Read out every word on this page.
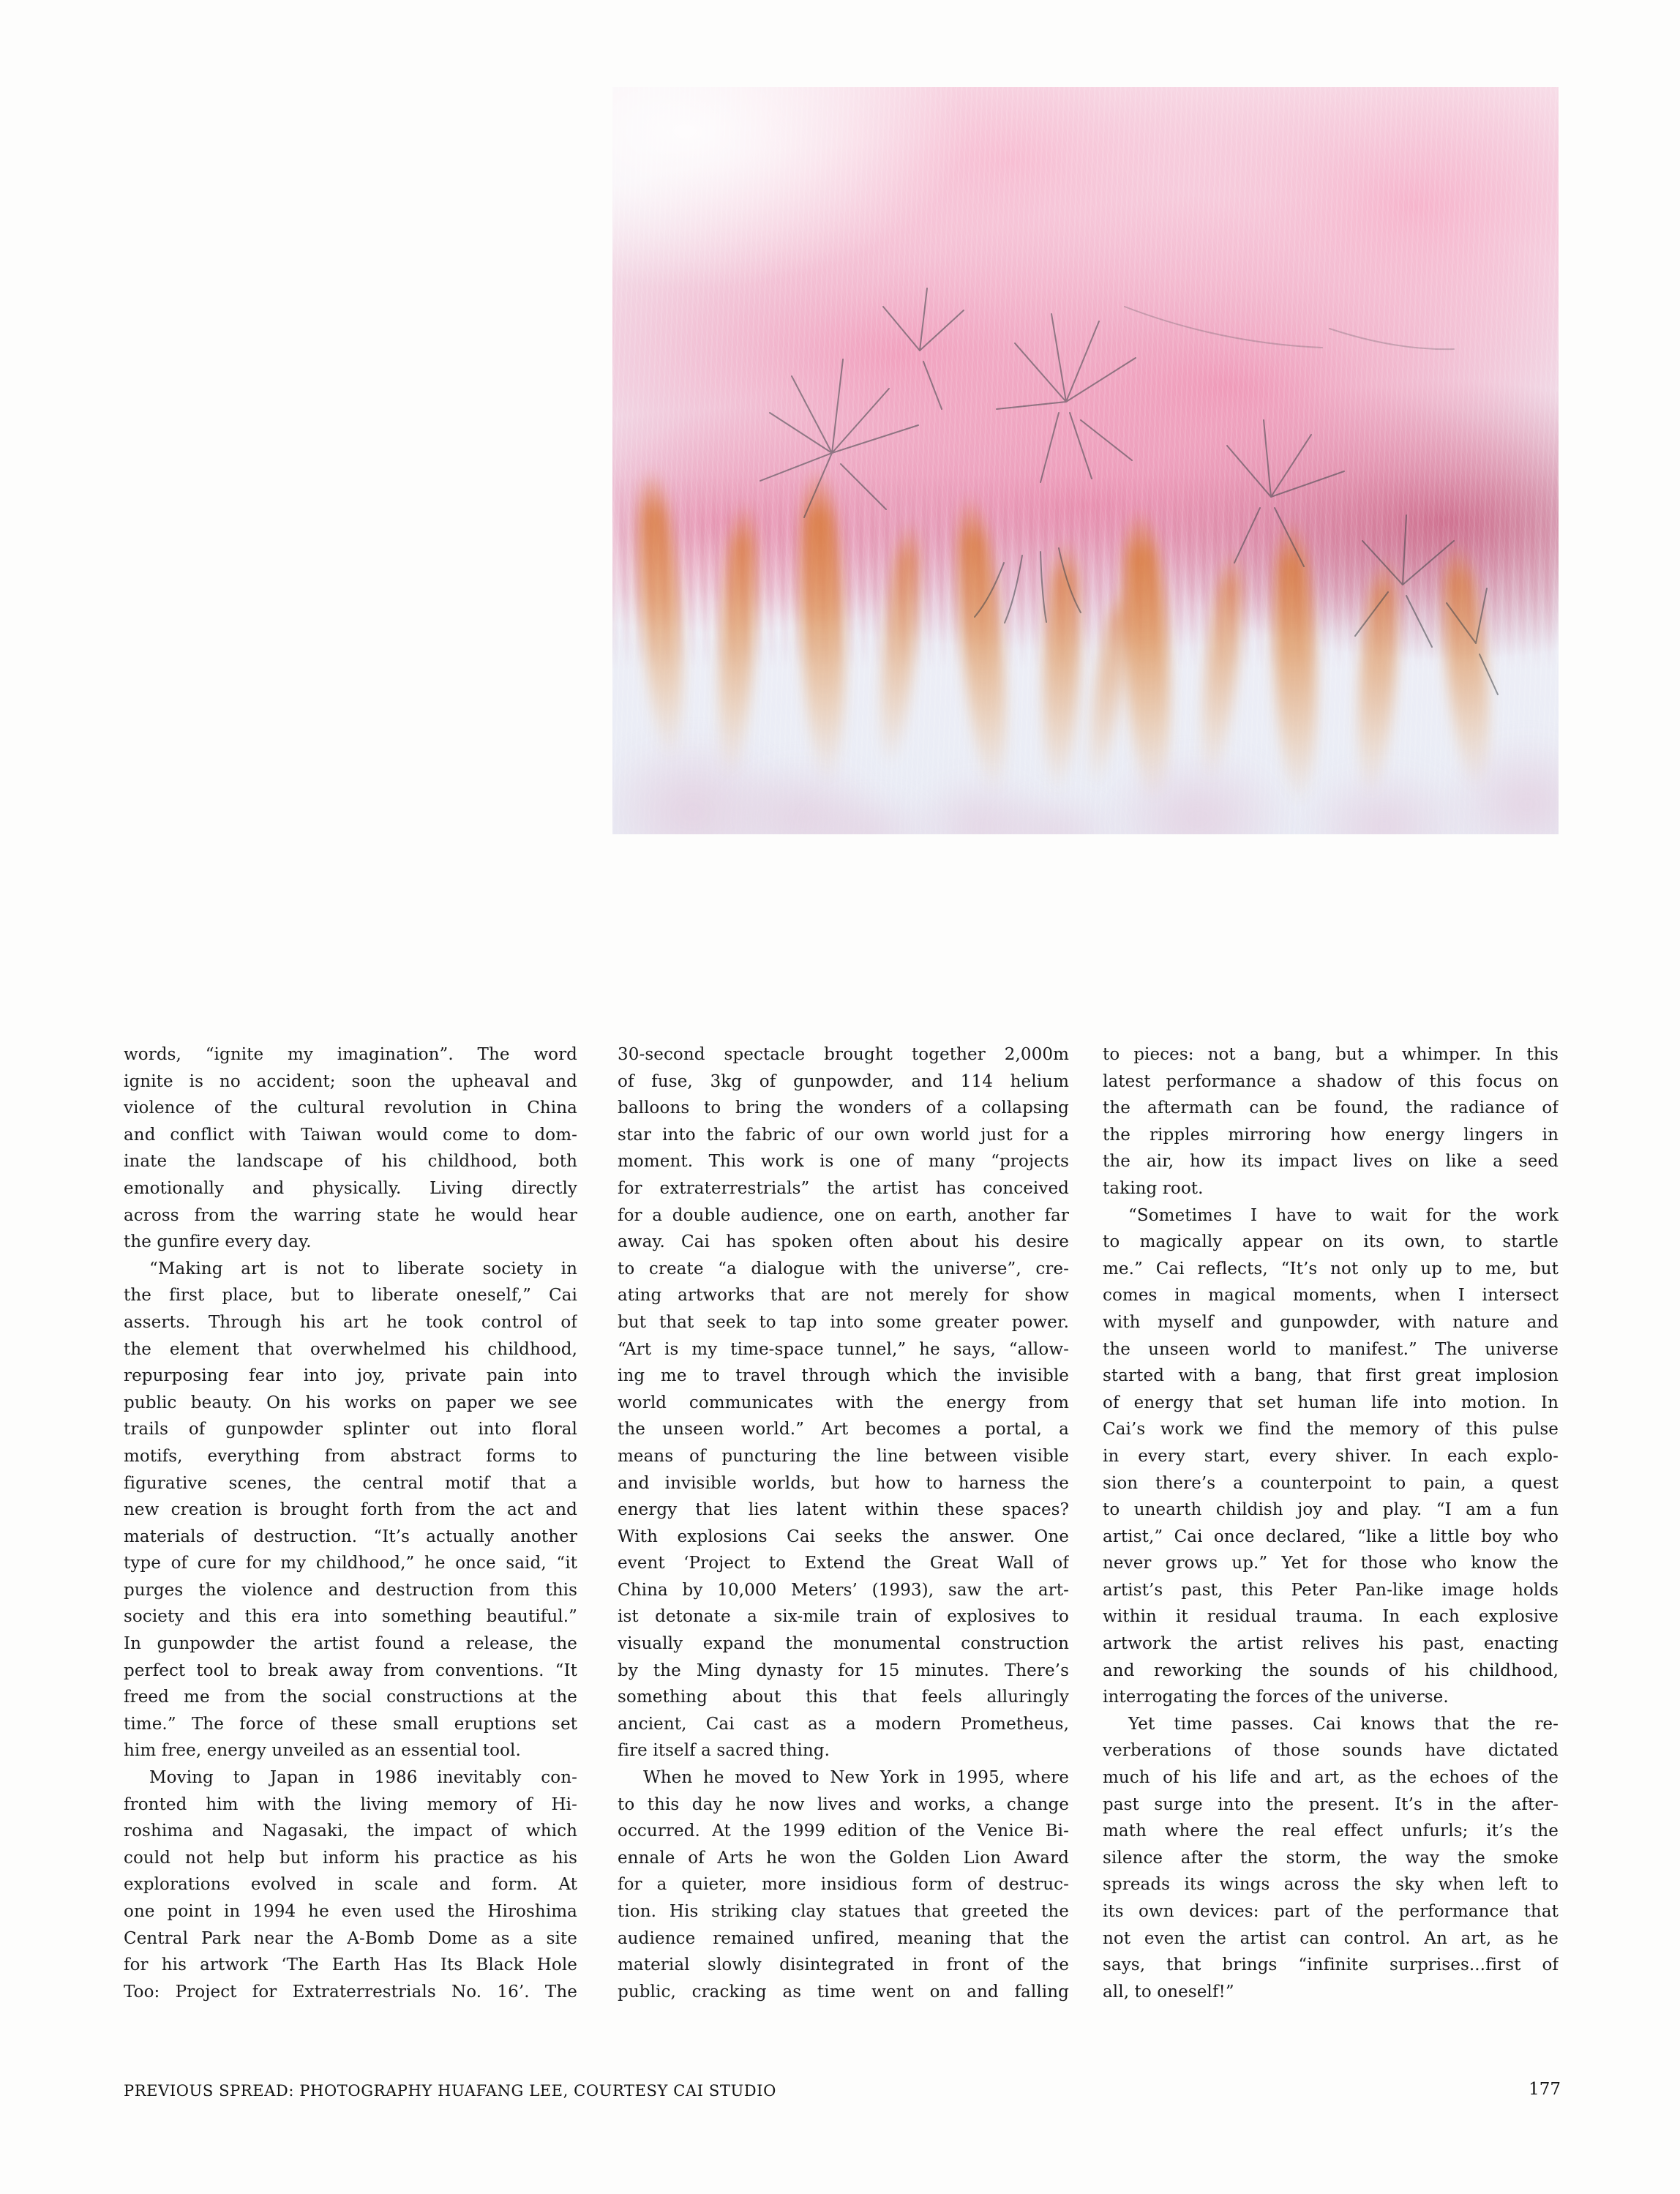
words, “ignite my imagination”. The word
ignite is no accident; soon the upheaval and
violence of the cultural revolution in China
and conflict with Taiwan would come to dom-
inate the landscape of his childhood, both
emotionally and physically. Living directly
across from the warring state he would hear
the gunfire every day.
“Making art is not to liberate society in
the first place, but to liberate oneself,” Cai
asserts. Through his art he took control of
the element that overwhelmed his childhood,
repurposing fear into joy, private pain into
public beauty. On his works on paper we see
trails of gunpowder splinter out into floral
motifs, everything from abstract forms to
figurative scenes, the central motif that a
new creation is brought forth from the act and
materials of destruction. “It’s actually another
type of cure for my childhood,” he once said, “it
purges the violence and destruction from this
society and this era into something beautiful.”
In gunpowder the artist found a release, the
perfect tool to break away from conventions. “It
freed me from the social constructions at the
time.” The force of these small eruptions set
him free, energy unveiled as an essential tool.
Moving to Japan in 1986 inevitably con-
fronted him with the living memory of Hi-
roshima and Nagasaki, the impact of which
could not help but inform his practice as his
explorations evolved in scale and form. At
one point in 1994 he even used the Hiroshima
Central Park near the A-Bomb Dome as a site
for his artwork ‘The Earth Has Its Black Hole
Too: Project for Extraterrestrials No. 16’. The
30-second spectacle brought together 2,000m
of fuse, 3kg of gunpowder, and 114 helium
balloons to bring the wonders of a collapsing
star into the fabric of our own world just for a
moment. This work is one of many “projects
for extraterrestrials” the artist has conceived
for a double audience, one on earth, another far
away. Cai has spoken often about his desire
to create “a dialogue with the universe”, cre-
ating artworks that are not merely for show
but that seek to tap into some greater power.
“Art is my time-space tunnel,” he says, “allow-
ing me to travel through which the invisible
world communicates with the energy from
the unseen world.” Art becomes a portal, a
means of puncturing the line between visible
and invisible worlds, but how to harness the
energy that lies latent within these spaces?
With explosions Cai seeks the answer. One
event ‘Project to Extend the Great Wall of
China by 10,000 Meters’ (1993), saw the art-
ist detonate a six-mile train of explosives to
visually expand the monumental construction
by the Ming dynasty for 15 minutes. There’s
something about this that feels alluringly
ancient, Cai cast as a modern Prometheus,
fire itself a sacred thing.
When he moved to New York in 1995, where
to this day he now lives and works, a change
occurred. At the 1999 edition of the Venice Bi-
ennale of Arts he won the Golden Lion Award
for a quieter, more insidious form of destruc-
tion. His striking clay statues that greeted the
audience remained unfired, meaning that the
material slowly disintegrated in front of the
public, cracking as time went on and falling
to pieces: not a bang, but a whimper. In this
latest performance a shadow of this focus on
the aftermath can be found, the radiance of
the ripples mirroring how energy lingers in
the air, how its impact lives on like a seed
taking root.
“Sometimes I have to wait for the work
to magically appear on its own, to startle
me.” Cai reflects, “It’s not only up to me, but
comes in magical moments, when I intersect
with myself and gunpowder, with nature and
the unseen world to manifest.” The universe
started with a bang, that first great implosion
of energy that set human life into motion. In
Cai’s work we find the memory of this pulse
in every start, every shiver. In each explo-
sion there’s a counterpoint to pain, a quest
to unearth childish joy and play. “I am a fun
artist,” Cai once declared, “like a little boy who
never grows up.” Yet for those who know the
artist’s past, this Peter Pan-like image holds
within it residual trauma. In each explosive
artwork the artist relives his past, enacting
and reworking the sounds of his childhood,
interrogating the forces of the universe.
Yet time passes. Cai knows that the re-
verberations of those sounds have dictated
much of his life and art, as the echoes of the
past surge into the present. It’s in the after-
math where the real effect unfurls; it’s the
silence after the storm, the way the smoke
spreads its wings across the sky when left to
its own devices: part of the performance that
not even the artist can control. An art, as he
says, that brings “infinite surprises...first of
all, to oneself!”
PREVIOUS SPREAD: PHOTOGRAPHY HUAFANG LEE, COURTESY CAI STUDIO	177
